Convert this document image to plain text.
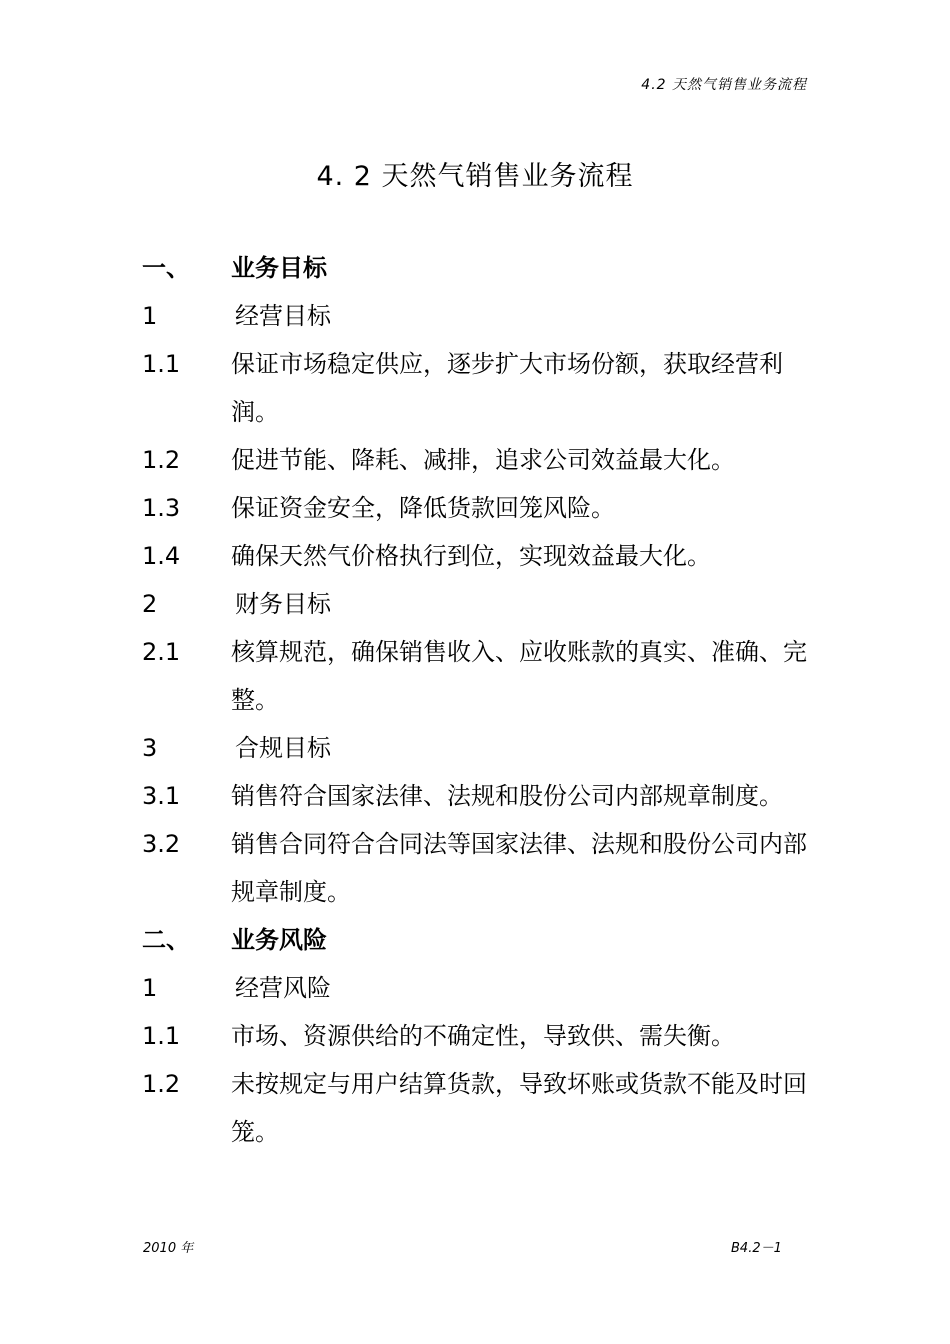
4.2 天然气销售业务流程
4. 2 天然气销售业务流程
一、	业务目标
1	经营目标
1.1	保证市场稳定供应，逐步扩大市场份额，获取经营利润。
1.2	促进节能、降耗、减排，追求公司效益最大化。
1.3	保证资金安全，降低货款回笼风险。
1.4	确保天然气价格执行到位，实现效益最大化。
2	财务目标
2.1	核算规范，确保销售收入、应收账款的真实、准确、完整。
3	合规目标
3.1	销售符合国家法律、法规和股份公司内部规章制度。
3.2	销售合同符合合同法等国家法律、法规和股份公司内部规章制度。
二、	业务风险
1	经营风险
1.1	市场、资源供给的不确定性，导致供、需失衡。
1.2	未按规定与用户结算货款，导致坏账或货款不能及时回笼。
2010 年	B4.2－1
